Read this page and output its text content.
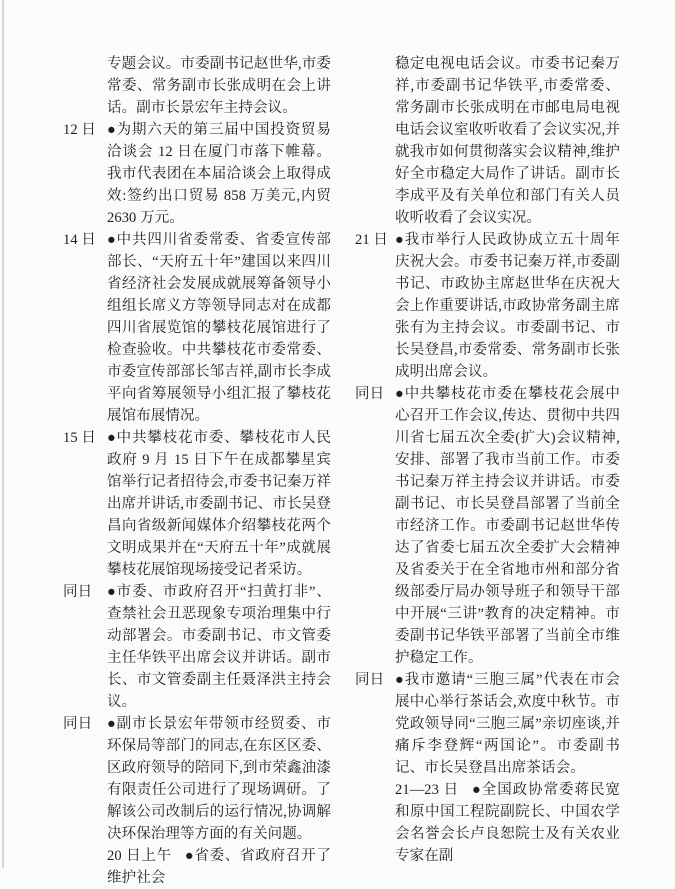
专题会议。市委副书记赵世华,市委常委、常务副市长张成明在会上讲话。副市长景宏年主持会议。

12 日 ●为期六天的第三届中国投资贸易洽谈会 12 日在厦门市落下帷幕。我市代表团在本届洽谈会上取得成效:签约出口贸易 858 万美元,内贸 2630 万元。

14 日 ●中共四川省委常委、省委宣传部部长、“天府五十年”建国以来四川省经济社会发展成就展筹备领导小组组长席义方等领导同志对在成都四川省展览馆的攀枝花展馆进行了检查验收。中共攀枝花市委常委、市委宣传部部长邹吉祥,副市长李成平向省筹展领导小组汇报了攀枝花展馆布展情况。

15 日 ●中共攀枝花市委、攀枝花市人民政府 9 月 15 日下午在成都攀星宾馆举行记者招待会,市委书记秦万祥出席并讲话,市委副书记、市长吴登昌向省级新闻媒体介绍攀枝花两个文明成果并在“天府五十年”成就展攀枝花展馆现场接受记者采访。

同日 ●市委、市政府召开“扫黄打非”、查禁社会丑恶现象专项治理集中行动部署会。市委副书记、市文管委主任华铁平出席会议并讲话。副市长、市文管委副主任聂泽洪主持会议。

同日 ●副市长景宏年带领市经贸委、市环保局等部门的同志,在东区区委、区政府领导的陪同下,到市荣鑫油漆有限责任公司进行了现场调研。了解该公司改制后的运行情况,协调解决环保治理等方面的有关问题。

20 日上午 ●省委、省政府召开了维护社会

稳定电视电话会议。市委书记秦万祥,市委副书记华铁平,市委常委、常务副市长张成明在市邮电局电视电话会议室收听收看了会议实况,并就我市如何贯彻落实会议精神,维护好全市稳定大局作了讲话。副市长李成平及有关单位和部门有关人员收听收看了会议实况。

21 日 ●我市举行人民政协成立五十周年庆祝大会。市委书记秦万祥,市委副书记、市政协主席赵世华在庆祝大会上作重要讲话,市政协常务副主席张有为主持会议。市委副书记、市长吴登昌,市委常委、常务副市长张成明出席会议。

同日 ●中共攀枝花市委在攀枝花会展中心召开工作会议,传达、贯彻中共四川省七届五次全委(扩大)会议精神,安排、部署了我市当前工作。市委书记秦万祥主持会议并讲话。市委副书记、市长吴登昌部署了当前全市经济工作。市委副书记赵世华传达了省委七届五次全委扩大会精神及省委关于在全省地市州和部分省级部委厅局办领导班子和领导干部中开展“三讲”教育的决定精神。市委副书记华铁平部署了当前全市维护稳定工作。

同日 ●我市邀请“三胞三属”代表在市会展中心举行茶话会,欢度中秋节。市党政领导同“三胞三属”亲切座谈,并痛斥李登辉“两国论”。市委副书记、市长吴登昌出席茶话会。

21—23 日 ●全国政协常委蒋民宽和原中国工程院副院长、中国农学会名誉会长卢良恕院士及有关农业专家在副
